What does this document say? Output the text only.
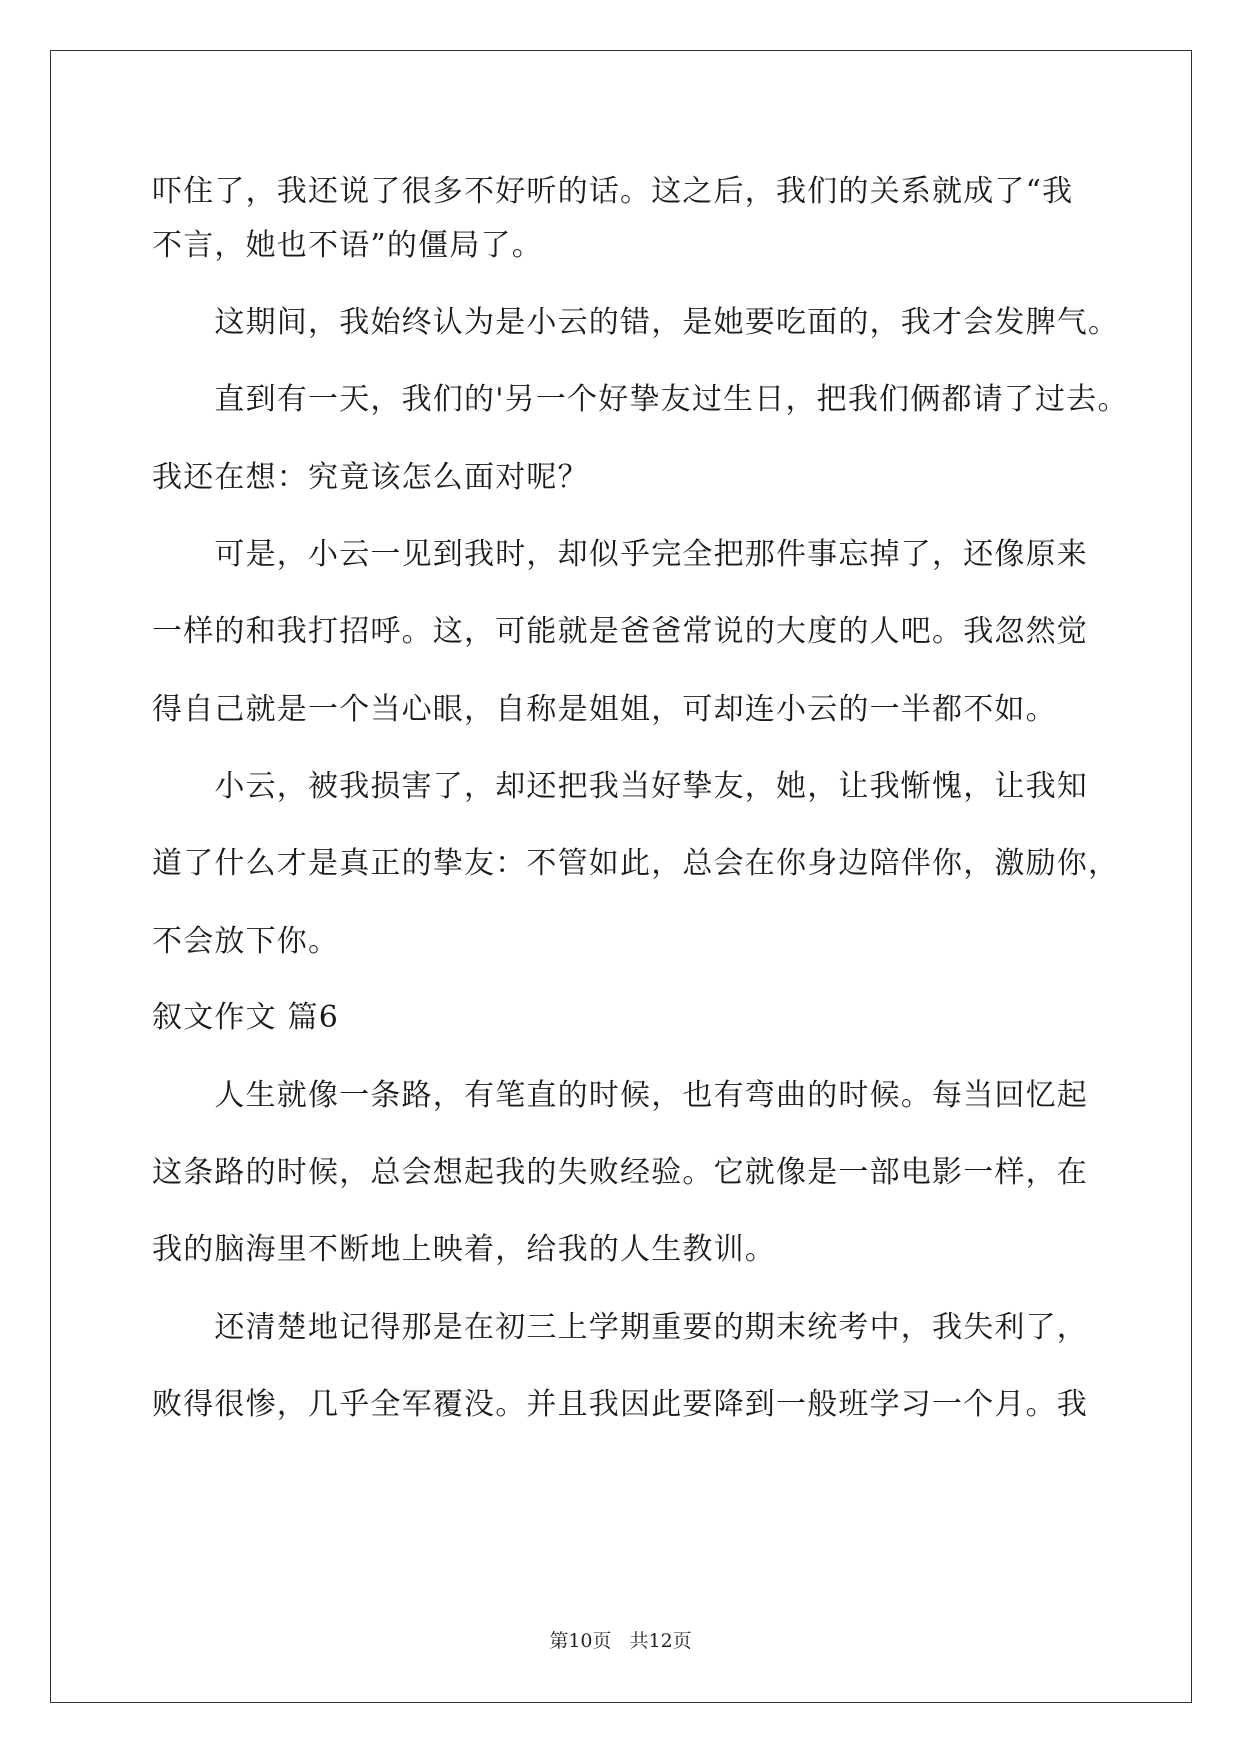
吓住了，我还说了很多不好听的话。这之后，我们的关系就成了“我
不言，她也不语”的僵局了。
　　这期间，我始终认为是小云的错，是她要吃面的，我才会发脾气。
　　直到有一天，我们的'另一个好挚友过生日，把我们俩都请了过去。
我还在想：究竟该怎么面对呢？
　　可是，小云一见到我时，却似乎完全把那件事忘掉了，还像原来
一样的和我打招呼。这，可能就是爸爸常说的大度的人吧。我忽然觉
得自己就是一个当心眼，自称是姐姐，可却连小云的一半都不如。
　　小云，被我损害了，却还把我当好挚友，她，让我惭愧，让我知
道了什么才是真正的挚友：不管如此，总会在你身边陪伴你，激励你，
不会放下你。
叙文作文 篇6
　　人生就像一条路，有笔直的时候，也有弯曲的时候。每当回忆起
这条路的时候，总会想起我的失败经验。它就像是一部电影一样，在
我的脑海里不断地上映着，给我的人生教训。
　　还清楚地记得那是在初三上学期重要的期末统考中，我失利了，
败得很惨，几乎全军覆没。并且我因此要降到一般班学习一个月。我
第10页 共12页
